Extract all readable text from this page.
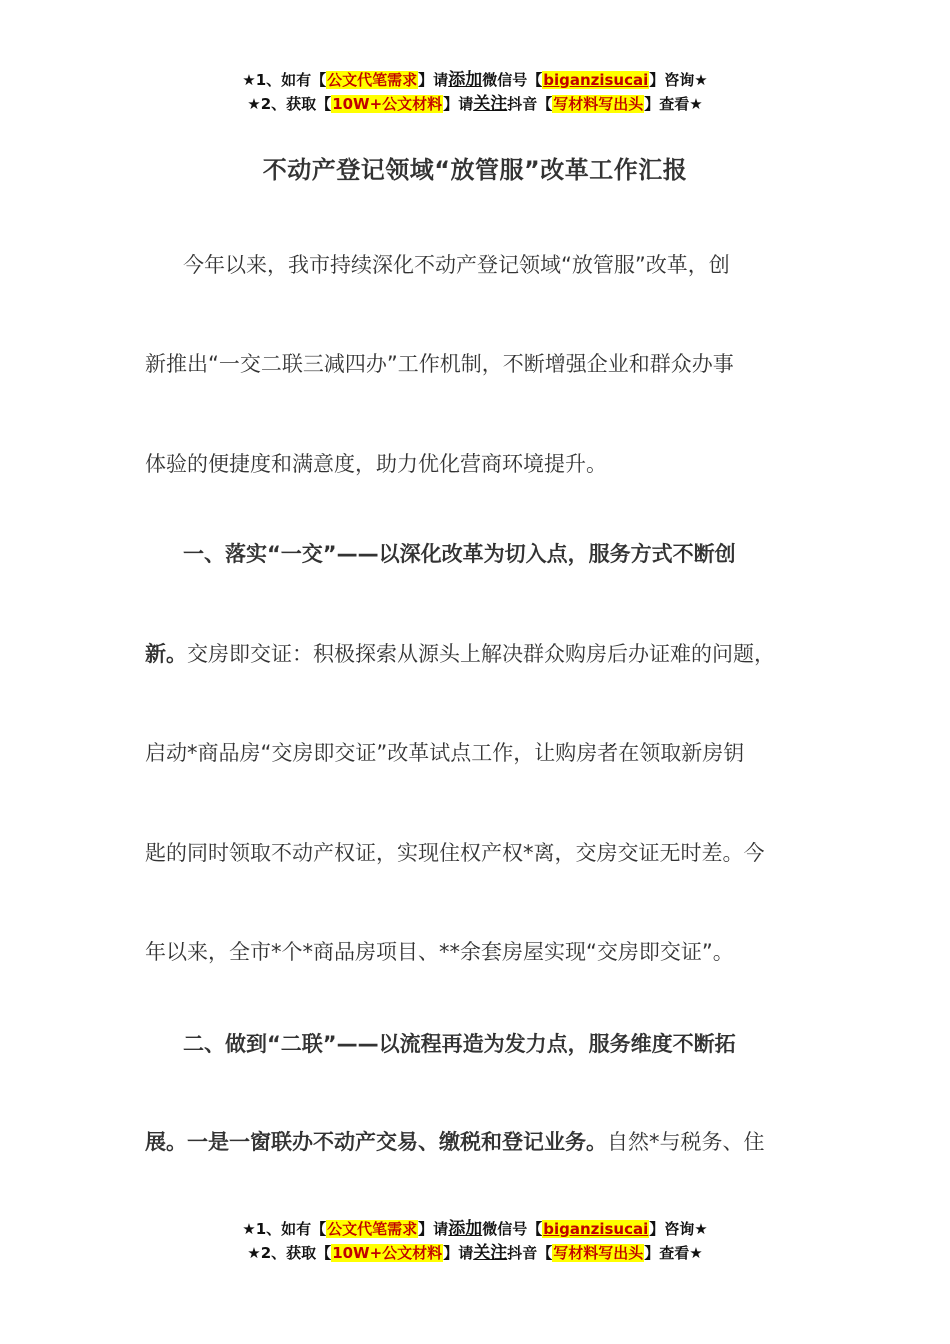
★1、如有【公文代笔需求】请添加微信号【biganzisucai】咨询★
★2、获取【10W+公文材料】请关注抖音【写材料写出头】查看★
不动产登记领域“放管服”改革工作汇报
今年以来，我市持续深化不动产登记领域“放管服”改革，创
新推出“一交二联三减四办”工作机制，不断增强企业和群众办事
体验的便捷度和满意度，助力优化营商环境提升。
一、落实“一交”——以深化改革为切入点，服务方式不断创
新。交房即交证：积极探索从源头上解决群众购房后办证难的问题，
启动*商品房“交房即交证”改革试点工作，让购房者在领取新房钥
匙的同时领取不动产权证，实现住权产权*离，交房交证无时差。今
年以来，全市*个*商品房项目、**余套房屋实现“交房即交证”。
二、做到“二联”——以流程再造为发力点，服务维度不断拓
展。一是一窗联办不动产交易、缴税和登记业务。自然*与税务、住
★1、如有【公文代笔需求】请添加微信号【biganzisucai】咨询★
★2、获取【10W+公文材料】请关注抖音【写材料写出头】查看★
